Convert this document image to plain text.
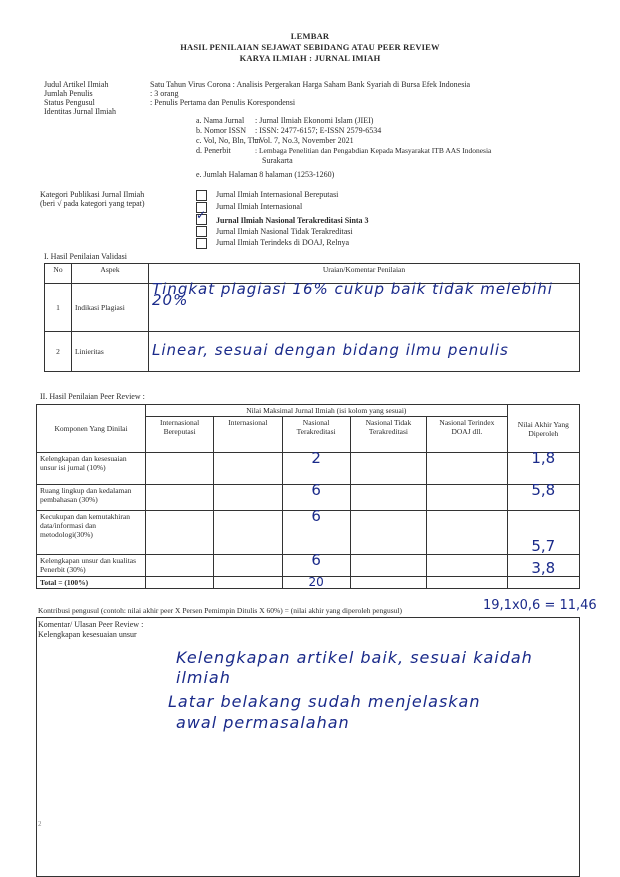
LEMBAR
HASIL PENILAIAN SEJAWAT SEBIDANG ATAU PEER REVIEW
KARYA ILMIAH : JURNAL IMIAH
Judul Artikel Ilmiah	Satu Tahun Virus Corona : Analisis Pergerakan Harga Saham Bank Syariah di Bursa Efek Indonesia
Jumlah Penulis	: 3 orang
Status Pengusul	: Penulis Pertama dan Penulis Korespondensi
Identitas Jurnal Ilmiah
a. Nama Jurnal : Jurnal Ilmiah Ekonomi Islam (JIEI)
b. Nomor ISSN : ISSN: 2477-6157; E-ISSN 2579-6534
c. Vol, No, Bln, Thn
: Vol. 7, No.3, November 2021
d. Penerbit	: Lembaga Penelitian dan Pengabdian Kepada Masyarakat ITB AAS Indonesia
Surakarta
e. Jumlah Halaman
: 8 halaman (1253-1260)
Kategori Publikasi Jurnal Ilmiah
(beri √ pada kategori yang tepat)
Jurnal Ilmiah Internasional Bereputasi
Jurnal Ilmiah Internasional
✓ Jurnal Ilmiah Nasional Terakreditasi Sinta 3
Jurnal Ilmiah Nasional Tidak Terakreditasi
Jurnal Ilmiah Terindeks di DOAJ, Relnya
I. Hasil Penilaian Validasi
No	Aspek	Uraian/Komentar Penilaian
1	Indikasi Plagiasi	Tingkat plagiasi 16% cukup baik tidak melebihi 20%
2	Linieritas	Linear, sesuai dengan bidang ilmu penulis
II. Hasil Penilaian Peer Review :
Komponen Yang Dinilai	Nilai Maksimal Jurnal Ilmiah (isi kolom yang sesuai)					Nilai Akhir Yang Diperoleh
	Internasional Bereputasi	Internasional	Nasional Terakreditasi	Nasional Tidak Terakreditasi	Nasional Terindex DOAJ dll.	
Kelengkapan dan kesesuaian unsur isi jurnal (10%)			2			1,8
Ruang lingkup dan kedalaman pembahasan (30%)			6			5,8
Kecukupan dan kemutakhiran data/informasi dan metodologi(30%)			6			5,7
Kelengkapan unsur dan kualitas Penerbit (30%)			6			3,8
Total = (100%)			20			
Kontribusi pengusul (contoh: nilai akhir peer X Persen Pemimpin Ditulis X 60%) = (nilai akhir yang diperoleh pengusul)	19,1x0,6 = 11,46
Komentar/ Ulasan Peer Review :
Kelengkapan kesesuaian unsur
Kelengkapan artikel baik, sesuai kaidah
ilmiah
Latar belakang sudah menjelaskan
awal permasalahan
2
